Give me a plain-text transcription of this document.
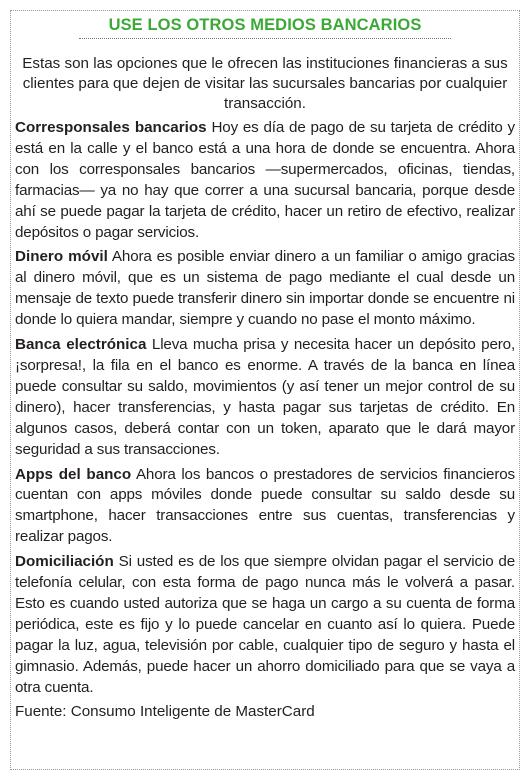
USE LOS OTROS MEDIOS BANCARIOS
Estas son las opciones que le ofrecen las instituciones financieras a sus clientes para que dejen de visitar las sucursales bancarias por cualquier transacción.
Corresponsales bancarios Hoy es día de pago de su tarjeta de crédito y está en la calle y el banco está a una hora de donde se encuentra. Ahora con los corresponsales bancarios —supermercados, oficinas, tiendas, farmacias— ya no hay que correr a una sucursal bancaria, porque desde ahí se puede pagar la tarjeta de crédito, hacer un retiro de efectivo, realizar depósitos o pagar servicios.
Dinero móvil Ahora es posible enviar dinero a un familiar o amigo gracias al dinero móvil, que es un sistema de pago mediante el cual desde un mensaje de texto puede transferir dinero sin importar donde se encuentre ni donde lo quiera mandar, siempre y cuando no pase el monto máximo.
Banca electrónica Lleva mucha prisa y necesita hacer un depósito pero, ¡sorpresa!, la fila en el banco es enorme. A través de la banca en línea puede consultar su saldo, movimientos (y así tener un mejor control de su dinero), hacer transferencias, y hasta pagar sus tarjetas de crédito. En algunos casos, deberá contar con un token, aparato que le dará mayor seguridad a sus transacciones.
Apps del banco Ahora los bancos o prestadores de servicios financieros cuentan con apps móviles donde puede consultar su saldo desde su smartphone, hacer transacciones entre sus cuentas, transferencias y realizar pagos.
Domiciliación Si usted es de los que siempre olvidan pagar el servicio de telefonía celular, con esta forma de pago nunca más le volverá a pasar. Esto es cuando usted autoriza que se haga un cargo a su cuenta de forma periódica, este es fijo y lo puede cancelar en cuanto así lo quiera. Puede pagar la luz, agua, televisión por cable, cualquier tipo de seguro y hasta el gimnasio. Además, puede hacer un ahorro domiciliado para que se vaya a otra cuenta.
Fuente: Consumo Inteligente de MasterCard
